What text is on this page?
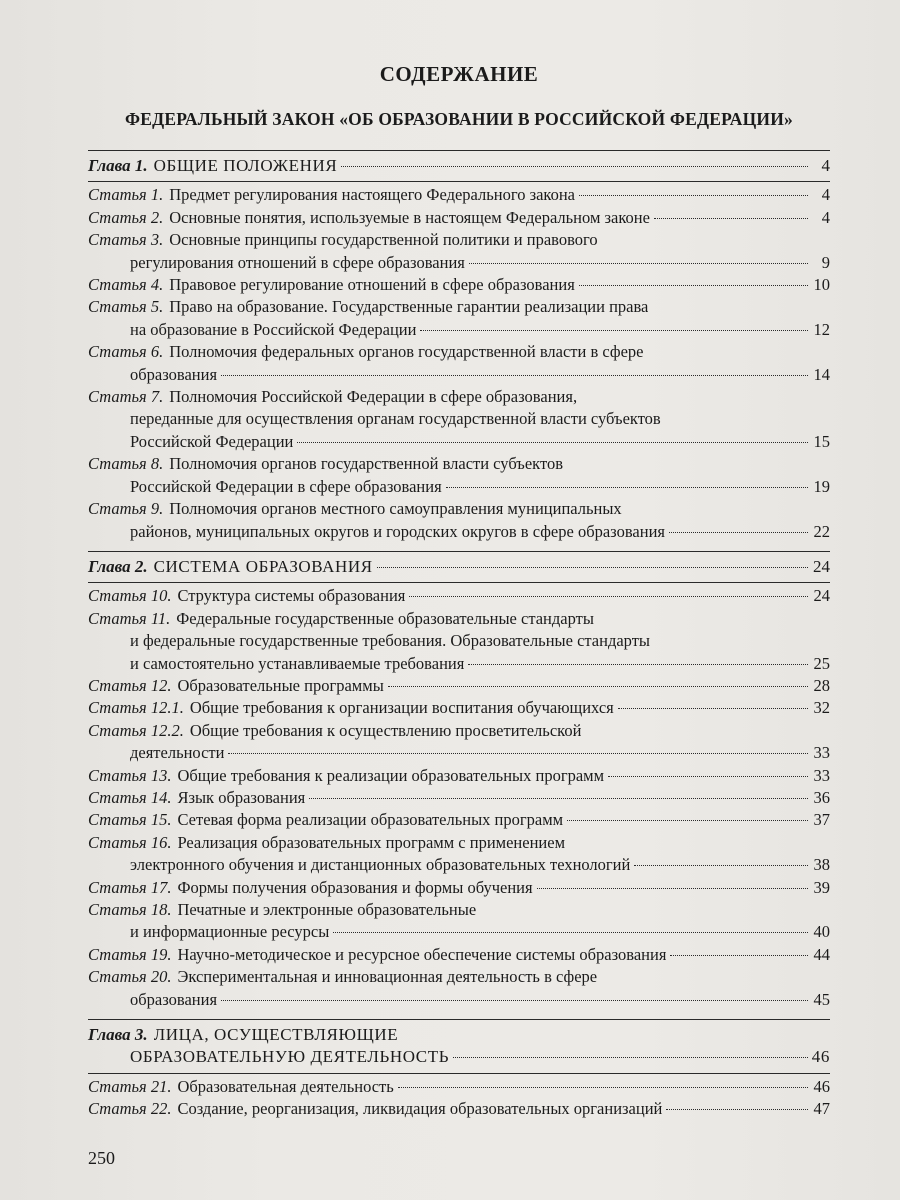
СОДЕРЖАНИЕ
ФЕДЕРАЛЬНЫЙ ЗАКОН «ОБ ОБРАЗОВАНИИ В РОССИЙСКОЙ ФЕДЕРАЦИИ»
Глава 1. ОБЩИЕ ПОЛОЖЕНИЯ	4
Статья 1. Предмет регулирования настоящего Федерального закона	4
Статья 2. Основные понятия, используемые в настоящем Федеральном законе	4
Статья 3. Основные принципы государственной политики и правового
регулирования отношений в сфере образования	9
Статья 4. Правовое регулирование отношений в сфере образования	10
Статья 5. Право на образование. Государственные гарантии реализации права
на образование в Российской Федерации	12
Статья 6. Полномочия федеральных органов государственной власти в сфере
образования	14
Статья 7. Полномочия Российской Федерации в сфере образования,
переданные для осуществления органам государственной власти субъектов
Российской Федерации	15
Статья 8. Полномочия органов государственной власти субъектов
Российской Федерации в сфере образования	19
Статья 9. Полномочия органов местного самоуправления муниципальных
районов, муниципальных округов и городских округов в сфере образования	22
Глава 2. СИСТЕМА ОБРАЗОВАНИЯ	24
Статья 10. Структура системы образования	24
Статья 11. Федеральные государственные образовательные стандарты
и федеральные государственные требования. Образовательные стандарты
и самостоятельно устанавливаемые требования	25
Статья 12. Образовательные программы	28
Статья 12.1. Общие требования к организации воспитания обучающихся	32
Статья 12.2. Общие требования к осуществлению просветительской
деятельности	33
Статья 13. Общие требования к реализации образовательных программ	33
Статья 14. Язык образования	36
Статья 15. Сетевая форма реализации образовательных программ	37
Статья 16. Реализация образовательных программ с применением
электронного обучения и дистанционных образовательных технологий	38
Статья 17. Формы получения образования и формы обучения	39
Статья 18. Печатные и электронные образовательные
и информационные ресурсы	40
Статья 19. Научно-методическое и ресурсное обеспечение системы образования	44
Статья 20. Экспериментальная и инновационная деятельность в сфере
образования	45
Глава 3. ЛИЦА, ОСУЩЕСТВЛЯЮЩИЕ
ОБРАЗОВАТЕЛЬНУЮ ДЕЯТЕЛЬНОСТЬ	46
Статья 21. Образовательная деятельность	46
Статья 22. Создание, реорганизация, ликвидация образовательных организаций	47
250
